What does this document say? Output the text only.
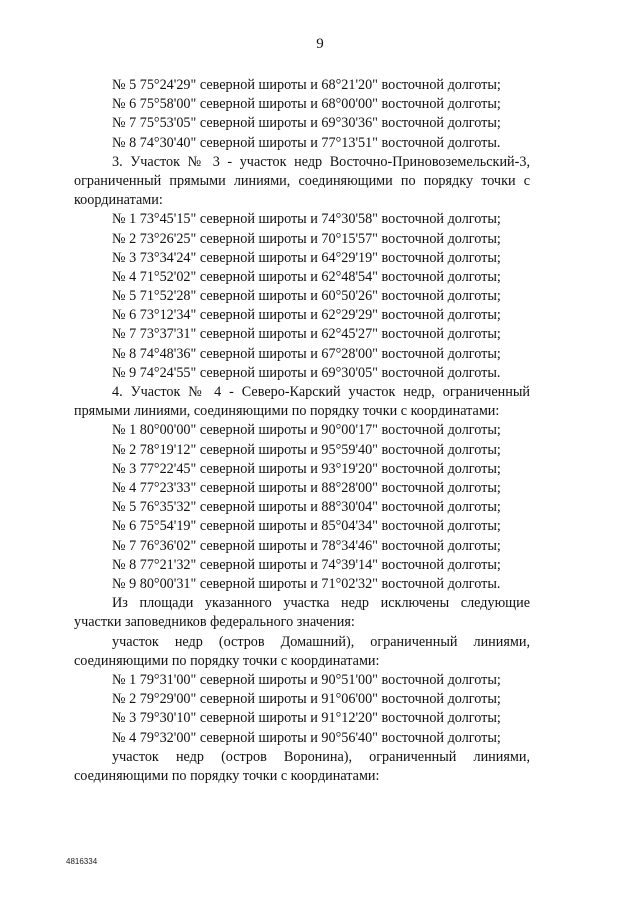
9
№ 5 75°24'29" северной широты и 68°21'20" восточной долготы;
№ 6 75°58'00" северной широты и 68°00'00" восточной долготы;
№ 7 75°53'05" северной широты и 69°30'36" восточной долготы;
№ 8 74°30'40" северной широты и 77°13'51" восточной долготы.
3. Участок № 3 - участок недр Восточно-Приновоземельский-3, ограниченный прямыми линиями, соединяющими по порядку точки с координатами:
№ 1 73°45'15" северной широты и 74°30'58" восточной долготы;
№ 2 73°26'25" северной широты и 70°15'57" восточной долготы;
№ 3 73°34'24" северной широты и 64°29'19" восточной долготы;
№ 4 71°52'02" северной широты и 62°48'54" восточной долготы;
№ 5 71°52'28" северной широты и 60°50'26" восточной долготы;
№ 6 73°12'34" северной широты и 62°29'29" восточной долготы;
№ 7 73°37'31" северной широты и 62°45'27" восточной долготы;
№ 8 74°48'36" северной широты и 67°28'00" восточной долготы;
№ 9 74°24'55" северной широты и 69°30'05" восточной долготы.
4. Участок № 4 - Северо-Карский участок недр, ограниченный прямыми линиями, соединяющими по порядку точки с координатами:
№ 1 80°00'00" северной широты и 90°00'17" восточной долготы;
№ 2 78°19'12" северной широты и 95°59'40" восточной долготы;
№ 3 77°22'45" северной широты и 93°19'20" восточной долготы;
№ 4 77°23'33" северной широты и 88°28'00" восточной долготы;
№ 5 76°35'32" северной широты и 88°30'04" восточной долготы;
№ 6 75°54'19" северной широты и 85°04'34" восточной долготы;
№ 7 76°36'02" северной широты и 78°34'46" восточной долготы;
№ 8 77°21'32" северной широты и 74°39'14" восточной долготы;
№ 9 80°00'31" северной широты и 71°02'32" восточной долготы.
Из площади указанного участка недр исключены следующие участки заповедников федерального значения:
участок недр (остров Домашний), ограниченный линиями, соединяющими по порядку точки с координатами:
№ 1 79°31'00" северной широты и 90°51'00" восточной долготы;
№ 2 79°29'00" северной широты и 91°06'00" восточной долготы;
№ 3 79°30'10" северной широты и 91°12'20" восточной долготы;
№ 4 79°32'00" северной широты и 90°56'40" восточной долготы;
участок недр (остров Воронина), ограниченный линиями, соединяющими по порядку точки с координатами:
4816334
